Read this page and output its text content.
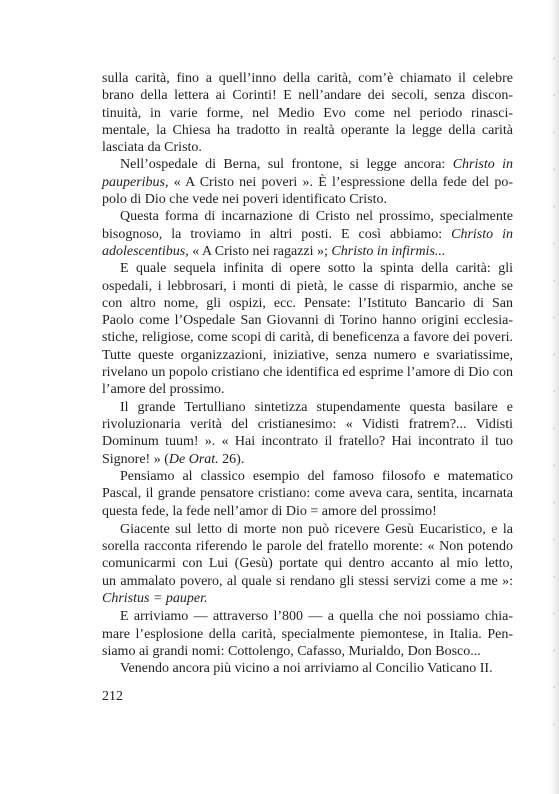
sulla carità, fino a quell’inno della carità, com’è chiamato il celebre
brano della lettera ai Corinti! E nell’andare dei secoli, senza discon-
tinuità, in varie forme, nel Medio Evo come nel periodo rinasci-
mentale, la Chiesa ha tradotto in realtà operante la legge della carità
lasciata da Cristo.
Nell’ospedale di Berna, sul frontone, si legge ancora: Christo in
pauperibus, « A Cristo nei poveri ». È l’espressione della fede del po-
polo di Dio che vede nei poveri identificato Cristo.
Questa forma di incarnazione di Cristo nel prossimo, specialmente
bisognoso, la troviamo in altri posti. E così abbiamo: Christo in
adolescentibus, « A Cristo nei ragazzi »; Christo in infirmis...
E quale sequela infinita di opere sotto la spinta della carità: gli
ospedali, i lebbrosari, i monti di pietà, le casse di risparmio, anche se
con altro nome, gli ospizi, ecc. Pensate: l’Istituto Bancario di San
Paolo come l’Ospedale San Giovanni di Torino hanno origini ecclesia-
stiche, religiose, come scopi di carità, di beneficenza a favore dei poveri.
Tutte queste organizzazioni, iniziative, senza numero e svariatissime,
rivelano un popolo cristiano che identifica ed esprime l’amore di Dio con
l’amore del prossimo.
Il grande Tertulliano sintetizza stupendamente questa basilare e
rivoluzionaria verità del cristianesimo: « Vidisti fratrem?... Vidisti
Dominum tuum! ». « Hai incontrato il fratello? Hai incontrato il tuo
Signore! » (De Orat. 26).
Pensiamo al classico esempio del famoso filosofo e matematico
Pascal, il grande pensatore cristiano: come aveva cara, sentita, incarnata
questa fede, la fede nell’amor di Dio = amore del prossimo!
Giacente sul letto di morte non può ricevere Gesù Eucaristico, e la
sorella racconta riferendo le parole del fratello morente: « Non potendo
comunicarmi con Lui (Gesù) portate qui dentro accanto al mio letto,
un ammalato povero, al quale si rendano gli stessi servizi come a me »:
Christus = pauper.
E arriviamo — attraverso l’800 — a quella che noi possiamo chia-
mare l’esplosione della carità, specialmente piemontese, in Italia. Pen-
siamo ai grandi nomi: Cottolengo, Cafasso, Murialdo, Don Bosco...
Venendo ancora più vicino a noi arriviamo al Concilio Vaticano II.
212
